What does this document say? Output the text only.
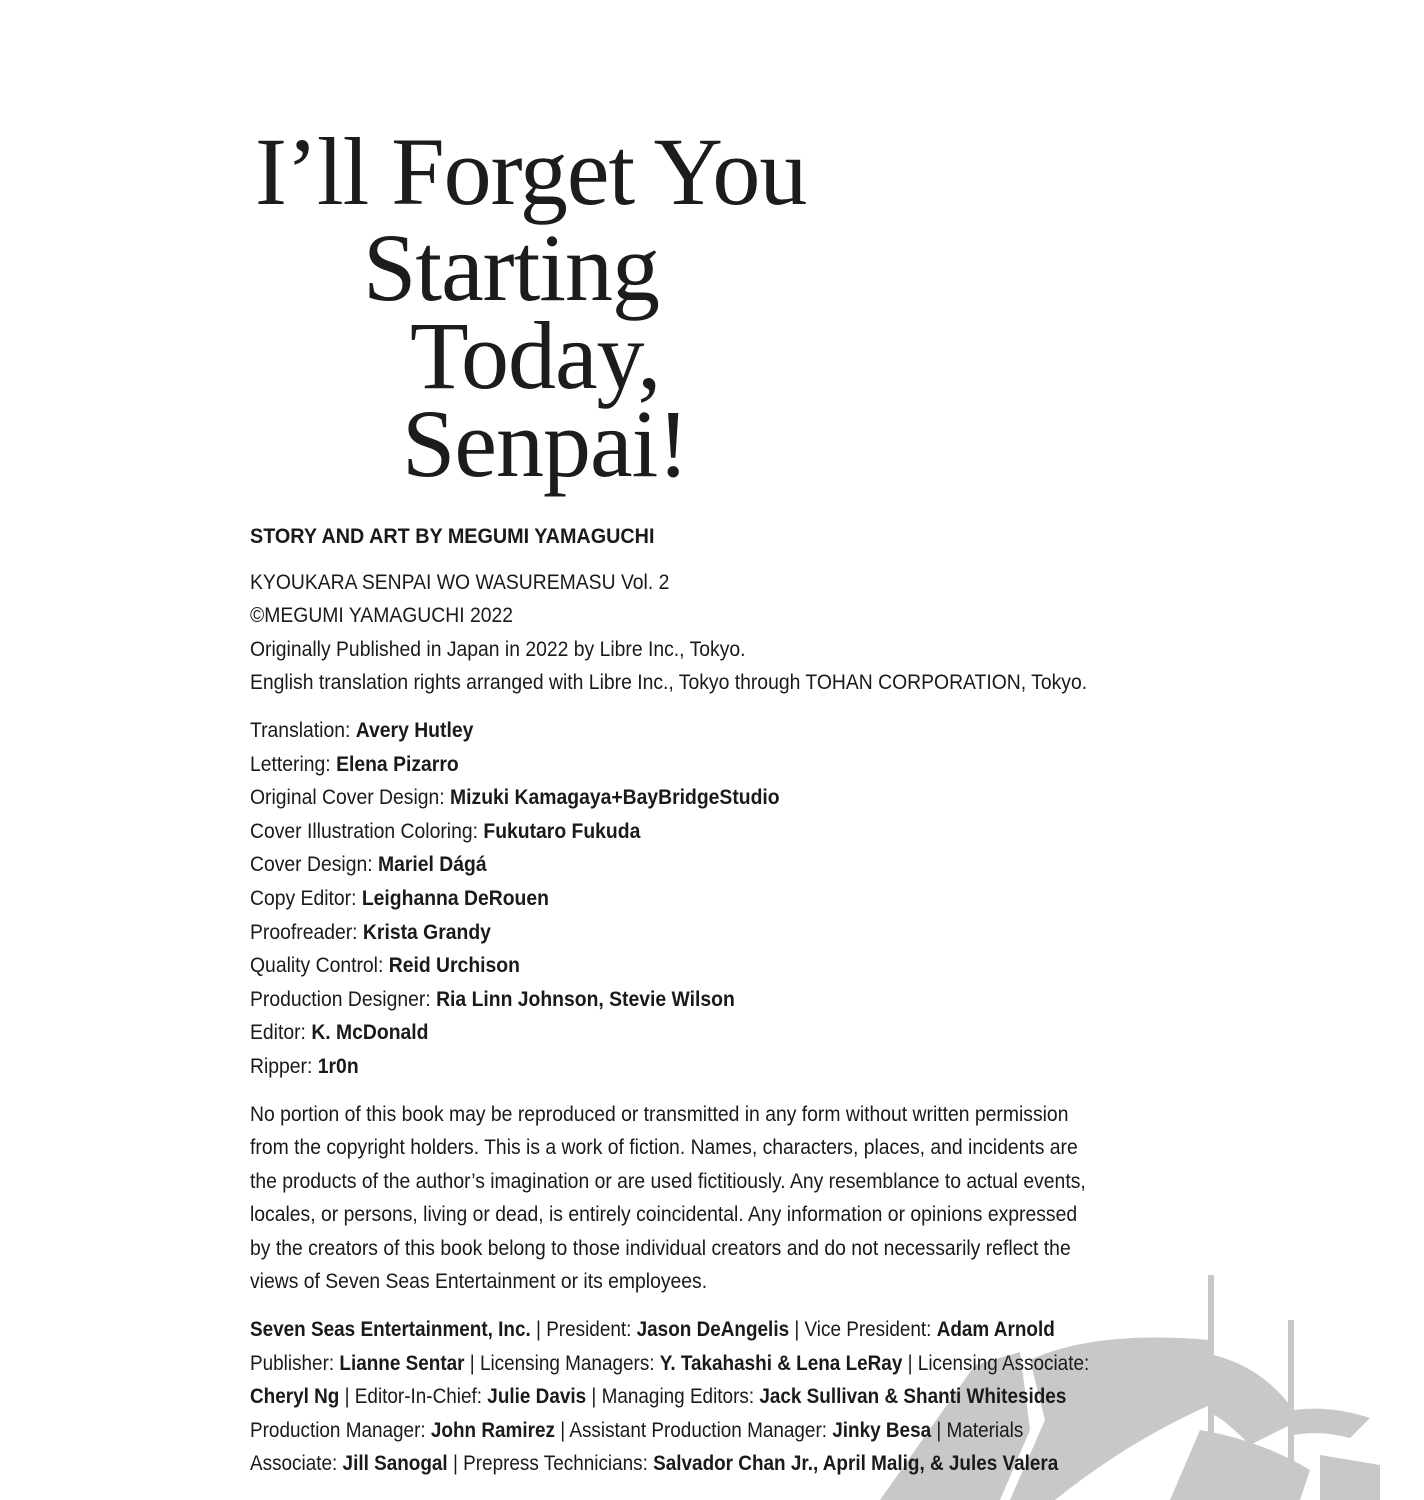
I’ll Forget You
Starting
Today,
Senpai!
STORY AND ART BY MEGUMI YAMAGUCHI
KYOUKARA SENPAI WO WASUREMASU Vol. 2
©MEGUMI YAMAGUCHI 2022
Originally Published in Japan in 2022 by Libre Inc., Tokyo.
English translation rights arranged with Libre Inc., Tokyo through TOHAN CORPORATION, Tokyo.
Translation: Avery Hutley
Lettering: Elena Pizarro
Original Cover Design: Mizuki Kamagaya+BayBridgeStudio
Cover Illustration Coloring: Fukutaro Fukuda
Cover Design: Mariel Dágá
Copy Editor: Leighanna DeRouen
Proofreader: Krista Grandy
Quality Control: Reid Urchison
Production Designer: Ria Linn Johnson, Stevie Wilson
Editor: K. McDonald
Ripper: 1r0n
No portion of this book may be reproduced or transmitted in any form without written permission
from the copyright holders. This is a work of fiction. Names, characters, places, and incidents are
the products of the author’s imagination or are used fictitiously. Any resemblance to actual events,
locales, or persons, living or dead, is entirely coincidental. Any information or opinions expressed
by the creators of this book belong to those individual creators and do not necessarily reflect the
views of Seven Seas Entertainment or its employees.
Seven Seas Entertainment, Inc. | President: Jason DeAngelis | Vice President: Adam Arnold
Publisher: Lianne Sentar | Licensing Managers: Y. Takahashi & Lena LeRay | Licensing Associate:
Cheryl Ng | Editor-In-Chief: Julie Davis | Managing Editors: Jack Sullivan & Shanti Whitesides
Production Manager: John Ramirez | Assistant Production Manager: Jinky Besa | Materials
Associate: Jill Sanogal | Prepress Technicians: Salvador Chan Jr., April Malig, & Jules Valera
